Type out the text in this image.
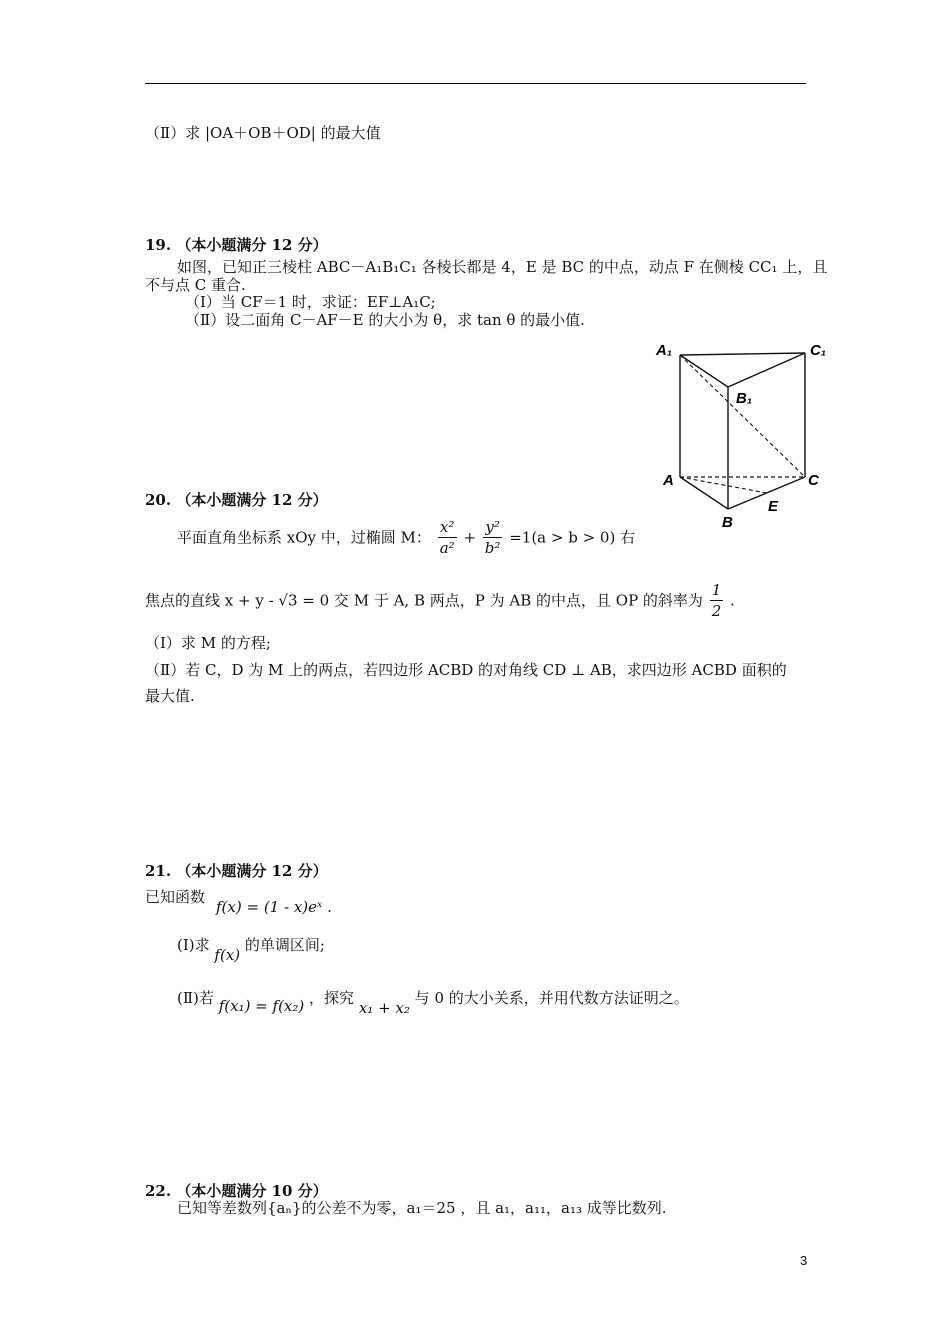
（Ⅱ）求 |OA＋OB＋OD| 的最大值
19. （本小题满分 12 分）
如图，已知正三棱柱 ABC－A₁B₁C₁ 各棱长都是 4，E 是 BC 的中点，动点 F 在侧棱 CC₁ 上，且
不与点 C 重合.
（Ⅰ）当 CF＝1 时，求证：EF⊥A₁C;
（Ⅱ）设二面角 C－AF－E 的大小为 θ，求 tan θ 的最小值.
A₁	C₁
B₁
A	C
B
E
20. （本小题满分 12 分）
平面直角坐标系 xOy 中，过椭圆 M： $\frac{\text{x²}}{\text{a²}} + \frac{\text{y²}}{\text{b²}} =1(a > b > 0)$ 右
焦点的直线 x + y - √3 = 0 交 M 于 A, B 两点，P 为 AB 的中点，且 OP 的斜率为 $\frac{1}{2}$ .
（Ⅰ）求 M 的方程;
（Ⅱ）若 C，D 为 M 上的两点，若四边形 ACBD 的对角线 CD ⊥ AB，求四边形 ACBD 面积的
最大值.
21. （本小题满分 12 分）
已知函数
f(x) = (1 - x)eˣ .
(Ⅰ)求 f(x) 的单调区间;
(Ⅱ)若 f(x₁) = f(x₂) ，探究 x₁ + x₂ 与 0 的大小关系，并用代数方法证明之。
22. （本小题满分 10 分）
已知等差数列{aₙ}的公差不为零，a₁＝25 ，且 a₁，a₁₁，a₁₃ 成等比数列.
3
